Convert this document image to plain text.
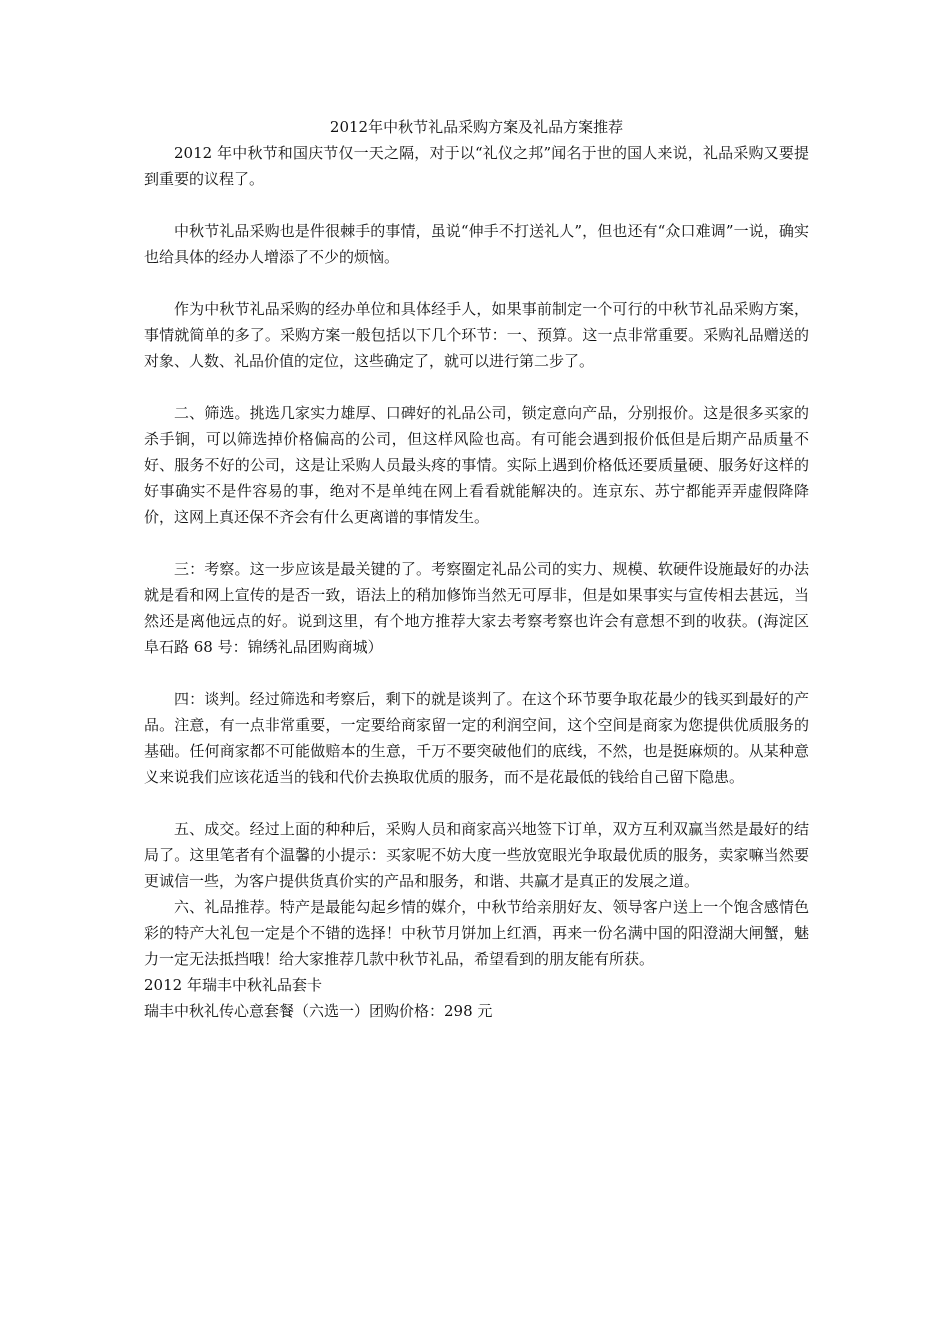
2012年中秋节礼品采购方案及礼品方案推荐

2012 年中秋节和国庆节仅一天之隔，对于以“礼仪之邦”闻名于世的国人来说，礼品采购又要提到重要的议程了。

中秋节礼品采购也是件很棘手的事情，虽说“伸手不打送礼人”，但也还有“众口难调”一说，确实也给具体的经办人增添了不少的烦恼。

作为中秋节礼品采购的经办单位和具体经手人，如果事前制定一个可行的中秋节礼品采购方案，事情就简单的多了。采购方案一般包括以下几个环节：一、预算。这一点非常重要。采购礼品赠送的对象、人数、礼品价值的定位，这些确定了，就可以进行第二步了。

二、筛选。挑选几家实力雄厚、口碑好的礼品公司，锁定意向产品，分别报价。这是很多买家的杀手锏，可以筛选掉价格偏高的公司，但这样风险也高。有可能会遇到报价低但是后期产品质量不好、服务不好的公司，这是让采购人员最头疼的事情。实际上遇到价格低还要质量硬、服务好这样的好事确实不是件容易的事，绝对不是单纯在网上看看就能解决的。连京东、苏宁都能弄弄虚假降降价，这网上真还保不齐会有什么更离谱的事情发生。

三：考察。这一步应该是最关键的了。考察圈定礼品公司的实力、规模、软硬件设施最好的办法就是看和网上宣传的是否一致，语法上的稍加修饰当然无可厚非，但是如果事实与宣传相去甚远，当然还是离他远点的好。说到这里，有个地方推荐大家去考察考察也许会有意想不到的收获。(海淀区阜石路 68 号：锦绣礼品团购商城）

四：谈判。经过筛选和考察后，剩下的就是谈判了。在这个环节要争取花最少的钱买到最好的产品。注意，有一点非常重要，一定要给商家留一定的利润空间，这个空间是商家为您提供优质服务的基础。任何商家都不可能做赔本的生意，千万不要突破他们的底线，不然，也是挺麻烦的。从某种意义来说我们应该花适当的钱和代价去换取优质的服务，而不是花最低的钱给自己留下隐患。

五、成交。经过上面的种种后，采购人员和商家高兴地签下订单，双方互利双赢当然是最好的结局了。这里笔者有个温馨的小提示：买家呢不妨大度一些放宽眼光争取最优质的服务，卖家嘛当然要更诚信一些，为客户提供货真价实的产品和服务，和谐、共赢才是真正的发展之道。

六、礼品推荐。特产是最能勾起乡情的媒介，中秋节给亲朋好友、领导客户送上一个饱含感情色彩的特产大礼包一定是个不错的选择！中秋节月饼加上红酒，再来一份名满中国的阳澄湖大闸蟹，魅力一定无法抵挡哦！给大家推荐几款中秋节礼品，希望看到的朋友能有所获。

2012 年瑞丰中秋礼品套卡

瑞丰中秋礼传心意套餐（六选一）团购价格：298 元
